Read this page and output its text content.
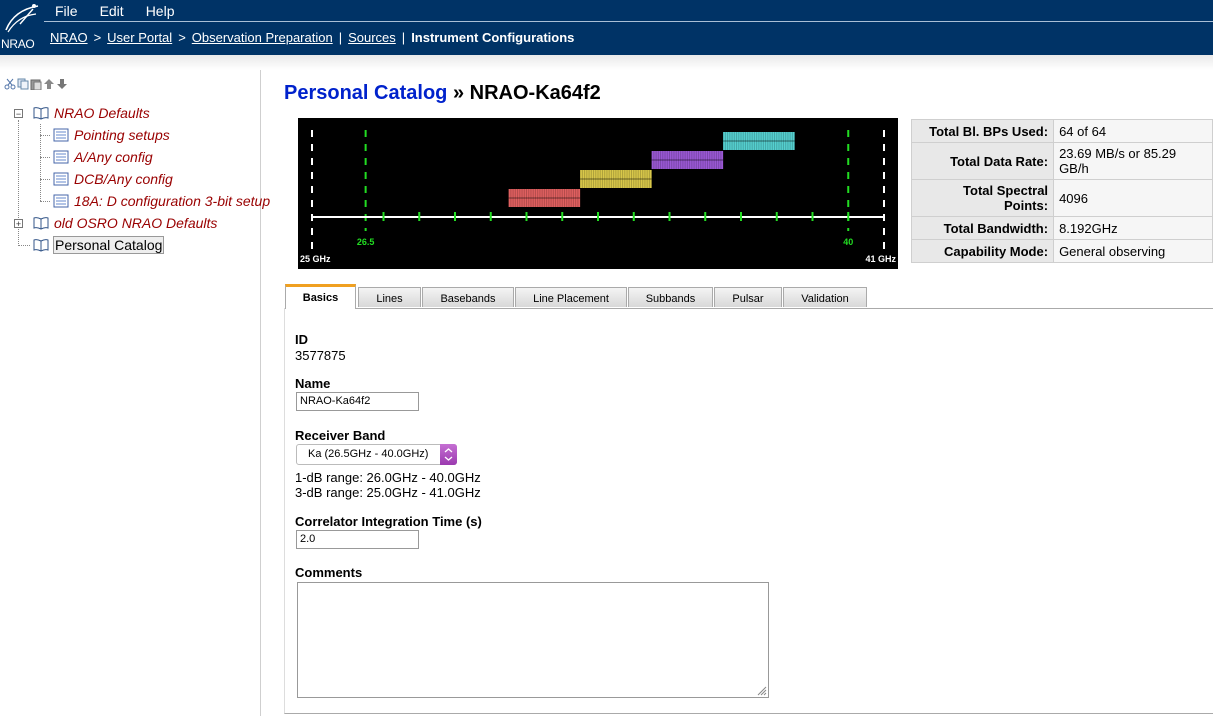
NRAO
File Edit Help
NRAO > User Portal > Observation Preparation | Sources | Instrument Configurations
− NRAO Defaults
Pointing setups
A/Any config
DCB/Any config
18A: D configuration 3-bit setup
+ old OSRO NRAO Defaults
Personal Catalog
Personal Catalog » NRAO-Ka64f2
26.5	40
25 GHz	41 GHz
Total Bl. BPs Used:	64 of 64
Total Data Rate:	23.69 MB/s or 85.29 GB/h
Total Spectral Points:	4096
Total Bandwidth:	8.192GHz
Capability Mode:	General observing
Basics	Lines	Basebands	Line Placement	Subbands	Pulsar	Validation
ID
3577875
Name
NRAO-Ka64f2
Receiver Band
Ka (26.5GHz - 40.0GHz)
1-dB range: 26.0GHz - 40.0GHz
3-dB range: 25.0GHz - 41.0GHz
Correlator Integration Time (s)
2.0
Comments
